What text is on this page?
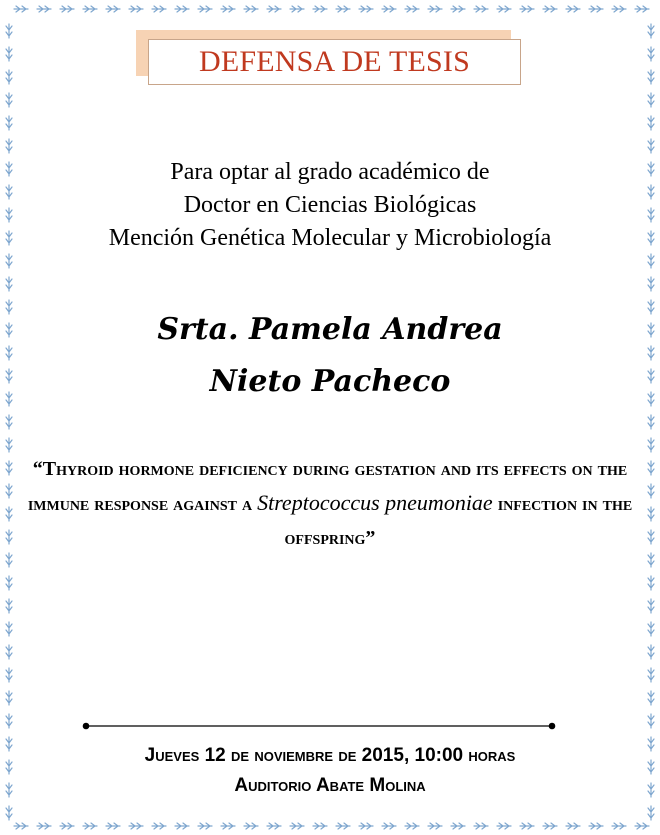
DEFENSA DE TESIS
Para optar al grado académico de
Doctor en Ciencias Biológicas
Mención Genética Molecular y Microbiología
Srta. Pamela Andrea
Nieto Pacheco
“Thyroid hormone deficiency during gestation and its effects on the immune response against a Streptococcus pneumoniae infection in the offspring”
Jueves 12 de noviembre de 2015, 10:00 horas
Auditorio Abate Molina
